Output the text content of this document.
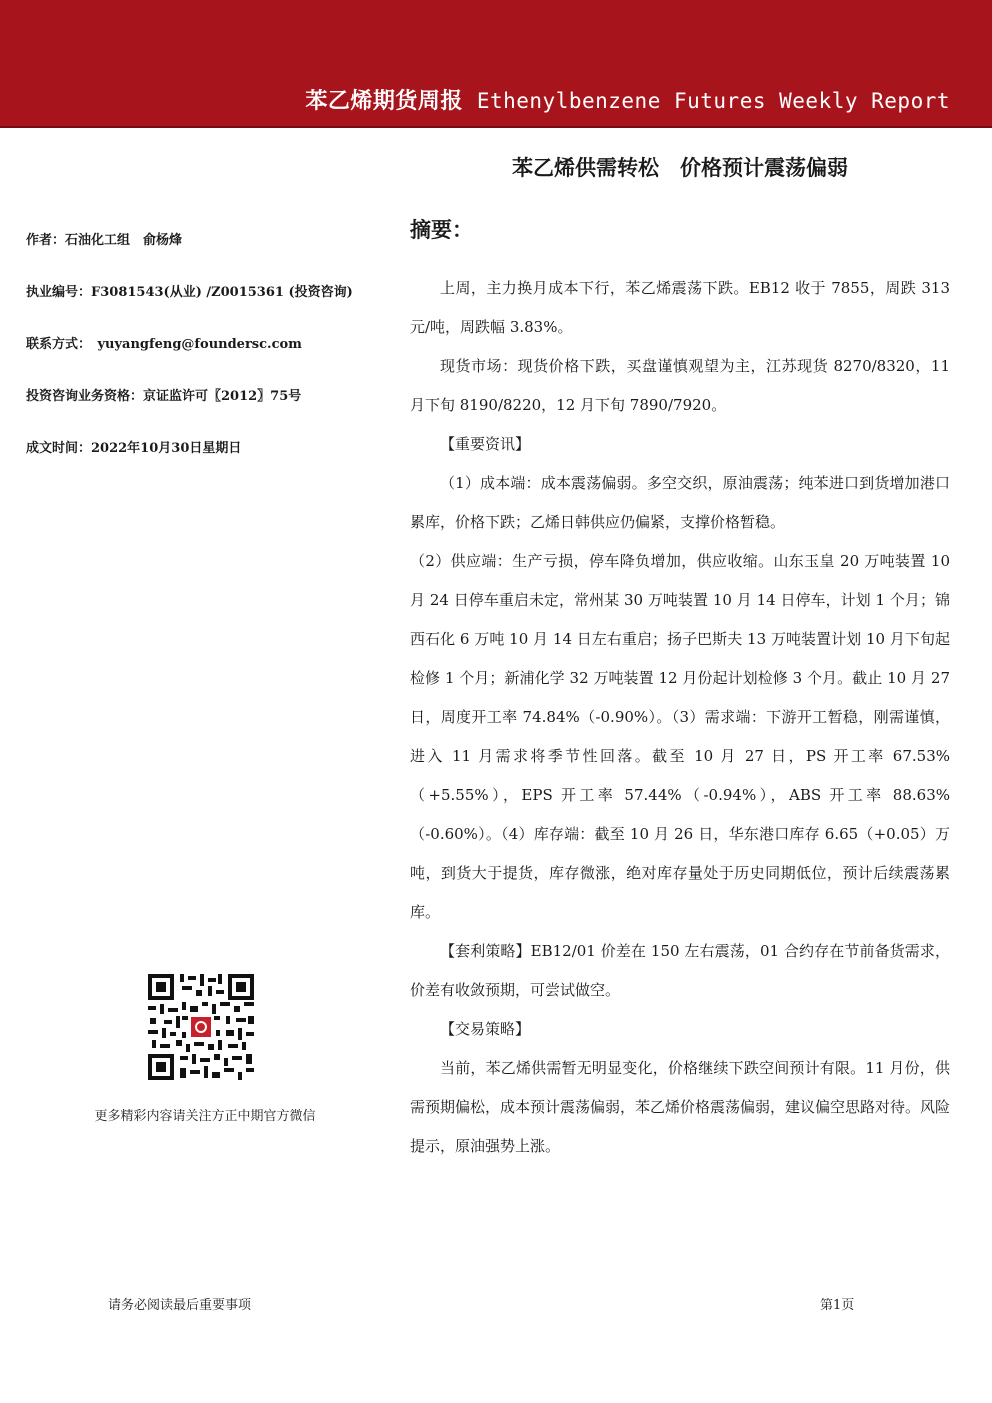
苯乙烯期货周报 Ethenylbenzene Futures Weekly Report
苯乙烯供需转松　价格预计震荡偏弱
作者：石油化工组　俞杨烽
执业编号：F3081543(从业) /Z0015361 (投资咨询)
联系方式：　yuyangfeng@foundersc.com
投资咨询业务资格：京证监许可〖2012〗75号
成文时间：2022年10月30日星期日
更多精彩内容请关注方正中期官方微信
摘要：

上周，主力换月成本下行，苯乙烯震荡下跌。EB12 收于 7855，周跌 313 元/吨，周跌幅 3.83%。

现货市场：现货价格下跌，买盘谨慎观望为主，江苏现货 8270/8320，11 月下旬 8190/8220，12 月下旬 7890/7920。

【重要资讯】

（1）成本端：成本震荡偏弱。多空交织，原油震荡；纯苯进口到货增加港口累库，价格下跌；乙烯日韩供应仍偏紧，支撑价格暂稳。

（2）供应端：生产亏损，停车降负增加，供应收缩。山东玉皇 20 万吨装置 10 月 24 日停车重启未定，常州某 30 万吨装置 10 月 14 日停车，计划 1 个月；锦西石化 6 万吨 10 月 14 日左右重启；扬子巴斯夫 13 万吨装置计划 10 月下旬起检修 1 个月；新浦化学 32 万吨装置 12 月份起计划检修 3 个月。截止 10 月 27 日，周度开工率 74.84%（-0.90%）。（3）需求端：下游开工暂稳，刚需谨慎，进入 11 月需求将季节性回落。截至 10 月 27 日，PS 开工率 67.53%（+5.55%），EPS 开工率 57.44%（-0.94%），ABS 开工率 88.63%（-0.60%）。（4）库存端：截至 10 月 26 日，华东港口库存 6.65（+0.05）万吨，到货大于提货，库存微涨，绝对库存量处于历史同期低位，预计后续震荡累库。

【套利策略】EB12/01 价差在 150 左右震荡，01 合约存在节前备货需求，价差有收敛预期，可尝试做空。

【交易策略】

当前，苯乙烯供需暂无明显变化，价格继续下跌空间预计有限。11 月份，供需预期偏松，成本预计震荡偏弱，苯乙烯价格震荡偏弱，建议偏空思路对待。风险提示，原油强势上涨。

请务必阅读最后重要事项	第1页
